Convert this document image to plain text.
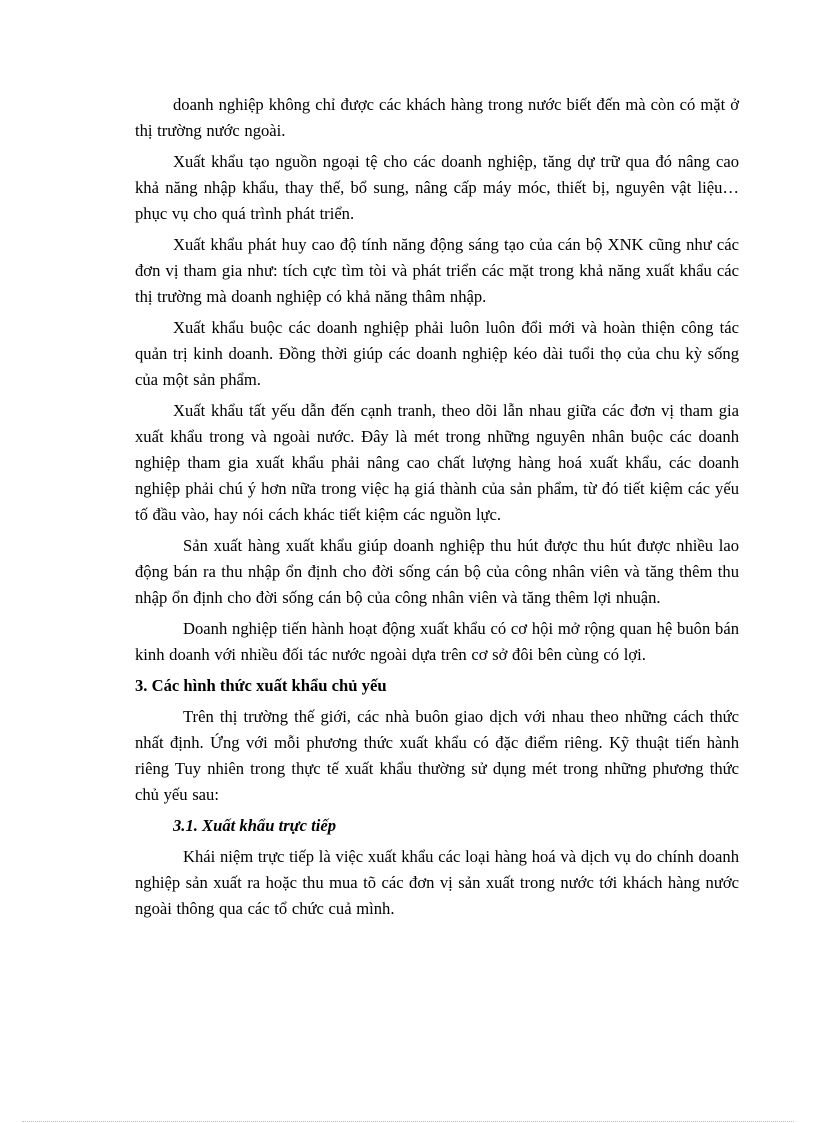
doanh nghiệp không chỉ được các khách hàng trong nước biết đến mà còn có mặt ở thị trường nước ngoài.

Xuất khẩu tạo nguồn ngoại tệ cho các doanh nghiệp, tăng dự trữ qua đó nâng cao khả năng nhập khẩu, thay thế, bổ sung, nâng cấp máy móc, thiết bị, nguyên vật liệu… phục vụ cho quá trình phát triển.

Xuất khẩu phát huy cao độ tính năng động sáng tạo của cán bộ XNK cũng như các đơn vị tham gia như: tích cực tìm tòi và phát triển các mặt trong khả năng xuất khẩu các thị trường mà doanh nghiệp có khả năng thâm nhập.

Xuất khẩu buộc các doanh nghiệp phải luôn luôn đổi mới và hoàn thiện công tác quản trị kinh doanh. Đồng thời giúp các doanh nghiệp kéo dài tuổi thọ của chu kỳ sống của một sản phẩm.

Xuất khẩu tất yếu dẫn đến cạnh tranh, theo dõi lẫn nhau giữa các đơn vị tham gia xuất khẩu trong và ngoài nước. Đây là mét trong những nguyên nhân buộc các doanh nghiệp tham gia xuất khẩu phải nâng cao chất lượng hàng hoá xuất khẩu, các doanh nghiệp phải chú ý hơn nữa trong việc hạ giá thành của sản phẩm, từ đó tiết kiệm các yếu tố đầu vào, hay nói cách khác tiết kiệm các nguồn lực.

Sản xuất hàng xuất khẩu giúp doanh nghiệp thu hút được thu hút được nhiều lao động bán ra thu nhập ổn định cho đời sống cán bộ của công nhân viên và tăng thêm thu nhập ổn định cho đời sống cán bộ của công nhân viên và tăng thêm lợi nhuận.

Doanh nghiệp tiến hành hoạt động xuất khẩu có cơ hội mở rộng quan hệ buôn bán kinh doanh với nhiều đối tác nước ngoài dựa trên cơ sở đôi bên cùng có lợi.

3. Các hình thức xuất khẩu chủ yếu

Trên thị trường thế giới, các nhà buôn giao dịch với nhau theo những cách thức nhất định. Ứng với mỗi phương thức xuất khẩu có đặc điểm riêng. Kỹ thuật tiến hành riêng Tuy nhiên trong thực tế xuất khẩu thường sử dụng mét trong những phương thức chủ yếu sau:

3.1. Xuất khẩu trực tiếp

Khái niệm trực tiếp là việc xuất khẩu các loại hàng hoá và dịch vụ do chính doanh nghiệp sản xuất ra hoặc thu mua tõ các đơn vị sản xuất trong nước tới khách hàng nước ngoài thông qua các tổ chức cuả mình.
